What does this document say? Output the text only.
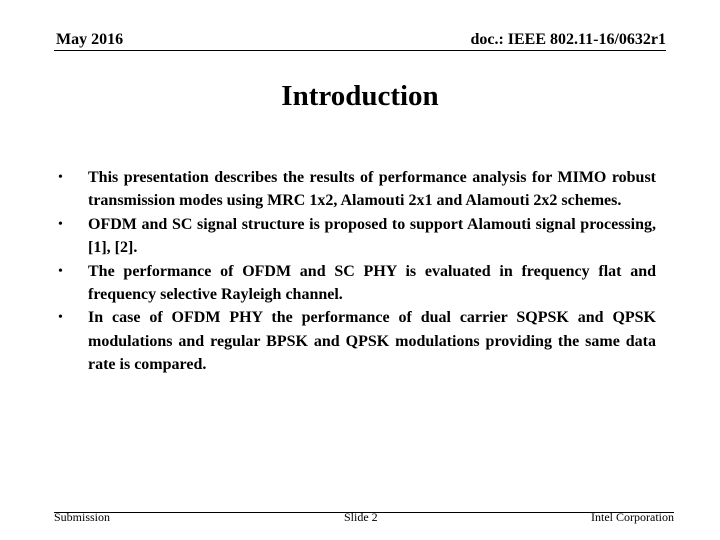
May 2016	doc.: IEEE 802.11-16/0632r1
Introduction
• This presentation describes the results of performance analysis for MIMO robust transmission modes using MRC 1x2, Alamouti 2x1 and Alamouti 2x2 schemes.
• OFDM and SC signal structure is proposed to support Alamouti signal processing, [1], [2].
• The performance of OFDM and SC PHY is evaluated in frequency flat and frequency selective Rayleigh channel.
• In case of OFDM PHY the performance of dual carrier SQPSK and QPSK modulations and regular BPSK and QPSK modulations providing the same data rate is compared.
Submission	Slide 2	Intel Corporation
